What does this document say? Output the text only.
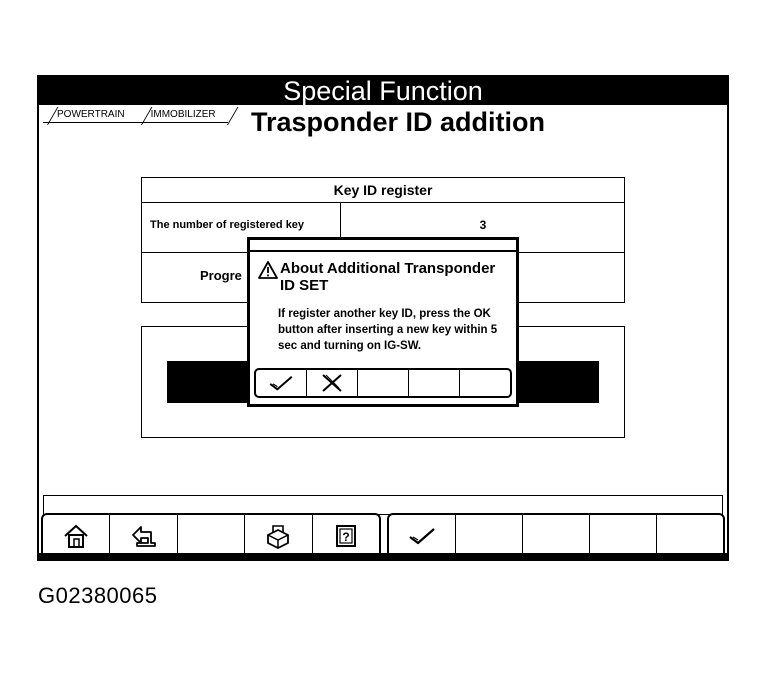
Special Function
POWERTRAIN	IMMOBILIZER	Trasponder ID addition
Key ID register
The number of registered key	3
Progre
?
About Additional Transponder ID SET
If register another key ID, press the OK button after inserting a new key within 5 sec and turning on IG-SW.
G02380065
